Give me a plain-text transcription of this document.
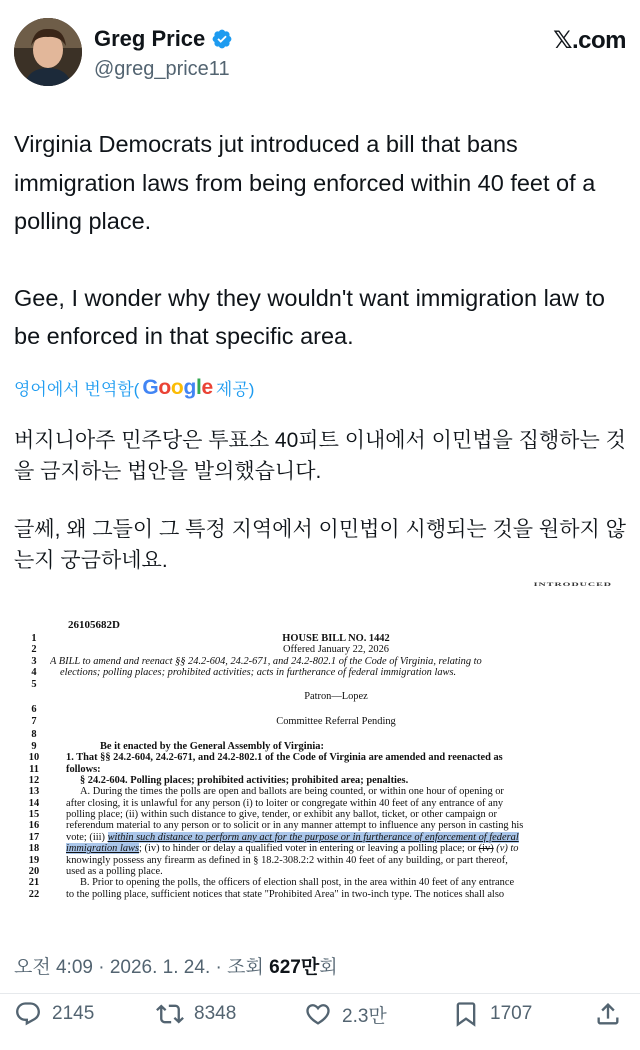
Greg Price
@greg_price11
𝕏.com

Virginia Democrats jut introduced a bill that bans immigration laws from being enforced within 40 feet of a polling place.

Gee, I wonder why they wouldn't want immigration law to be enforced in that specific area.

영어에서 번역함( Google 제공)

버지니아주 민주당은 투표소 40피트 이내에서 이민법을 집행하는 것을 금지하는 법안을 발의했습니다.

글쎄, 왜 그들이 그 특정 지역에서 이민법이 시행되는 것을 원하지 않는지 궁금하네요.

INTRODUCED
26105682D
1	HOUSE BILL NO. 1442
2	Offered January 22, 2026
3	A BILL to amend and reenact §§ 24.2-604, 24.2-671, and 24.2-802.1 of the Code of Virginia, relating to
4	elections; polling places; prohibited activities; acts in furtherance of federal immigration laws.
5
Patron—Lopez
6
7	Committee Referral Pending
8
9	Be it enacted by the General Assembly of Virginia:
10	1. That §§ 24.2-604, 24.2-671, and 24.2-802.1 of the Code of Virginia are amended and reenacted as
11	follows:
12	§ 24.2-604. Polling places; prohibited activities; prohibited area; penalties.
13	A. During the times the polls are open and ballots are being counted, or within one hour of opening or
14	after closing, it is unlawful for any person (i) to loiter or congregate within 40 feet of any entrance of any
15	polling place; (ii) within such distance to give, tender, or exhibit any ballot, ticket, or other campaign or
16	referendum material to any person or to solicit or in any manner attempt to influence any person in casting his
17	vote; (iii) within such distance to perform any act for the purpose or in furtherance of enforcement of federal
18	immigration laws; (iv) to hinder or delay a qualified voter in entering or leaving a polling place; or (iv) (v) to
19	knowingly possess any firearm as defined in § 18.2-308.2:2 within 40 feet of any building, or part thereof,
20	used as a polling place.
21	B. Prior to opening the polls, the officers of election shall post, in the area within 40 feet of any entrance
22	to the polling place, sufficient notices that state "Prohibited Area" in two-inch type. The notices shall also
오전 4:09 · 2026. 1. 24. · 조회 627만회
2145	8348	2.3만	1707
